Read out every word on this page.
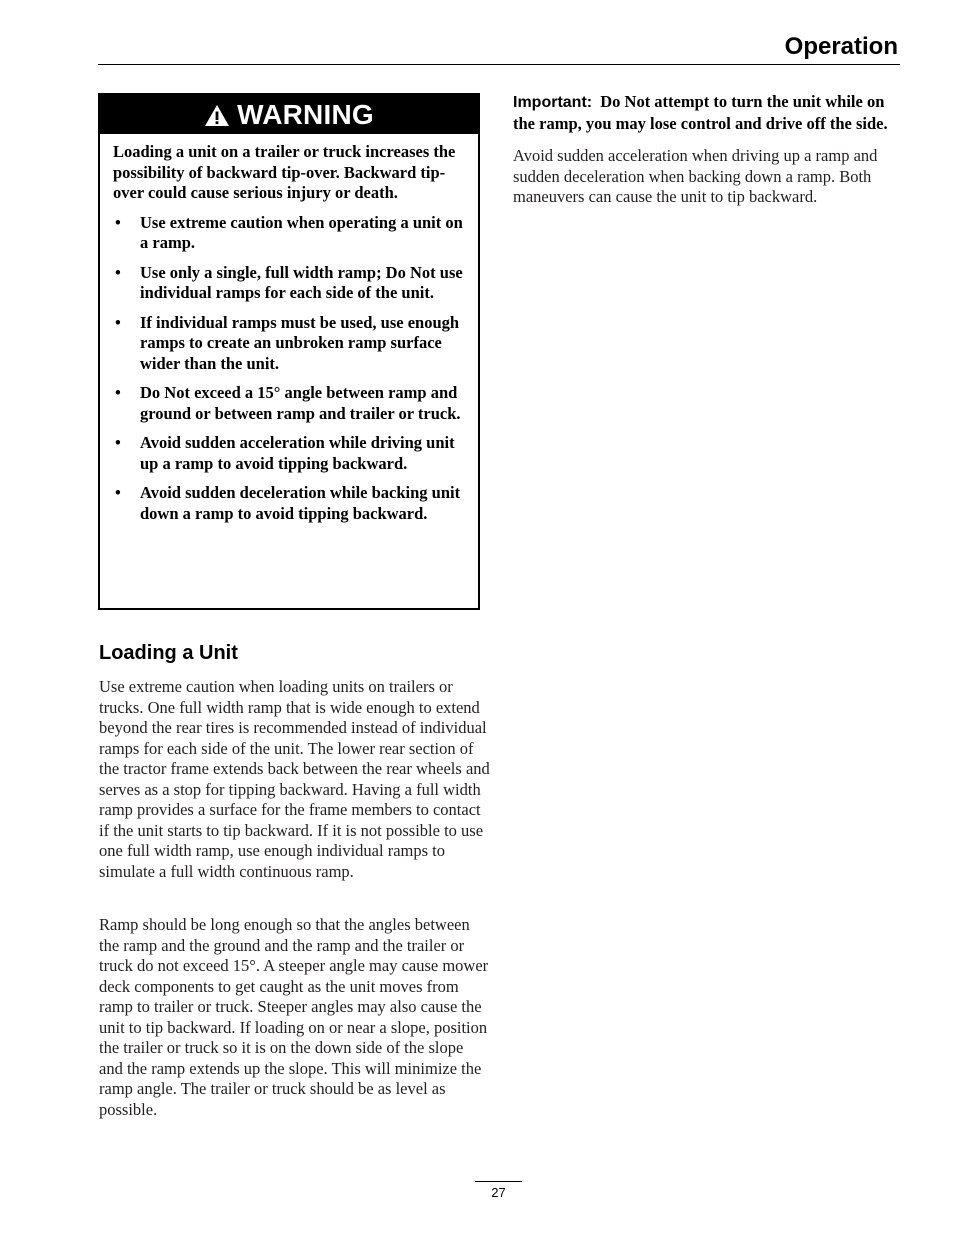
Operation
WARNING

Loading a unit on a trailer or truck increases the possibility of backward tip-over. Backward tip-over could cause serious injury or death.

• Use extreme caution when operating a unit on a ramp.
• Use only a single, full width ramp; Do Not use individual ramps for each side of the unit.
• If individual ramps must be used, use enough ramps to create an unbroken ramp surface wider than the unit.
• Do Not exceed a 15° angle between ramp and ground or between ramp and trailer or truck.
• Avoid sudden acceleration while driving unit up a ramp to avoid tipping backward.
• Avoid sudden deceleration while backing unit down a ramp to avoid tipping backward.
Loading a Unit

Use extreme caution when loading units on trailers or trucks. One full width ramp that is wide enough to extend beyond the rear tires is recommended instead of individual ramps for each side of the unit. The lower rear section of the tractor frame extends back between the rear wheels and serves as a stop for tipping backward. Having a full width ramp provides a surface for the frame members to contact if the unit starts to tip backward. If it is not possible to use one full width ramp, use enough individual ramps to simulate a full width continuous ramp.

Ramp should be long enough so that the angles between the ramp and the ground and the ramp and the trailer or truck do not exceed 15°. A steeper angle may cause mower deck components to get caught as the unit moves from ramp to trailer or truck. Steeper angles may also cause the unit to tip backward. If loading on or near a slope, position the trailer or truck so it is on the down side of the slope and the ramp extends up the slope. This will minimize the ramp angle. The trailer or truck should be as level as possible.

Important: Do Not attempt to turn the unit while on the ramp, you may lose control and drive off the side.

Avoid sudden acceleration when driving up a ramp and sudden deceleration when backing down a ramp. Both maneuvers can cause the unit to tip backward.

27
